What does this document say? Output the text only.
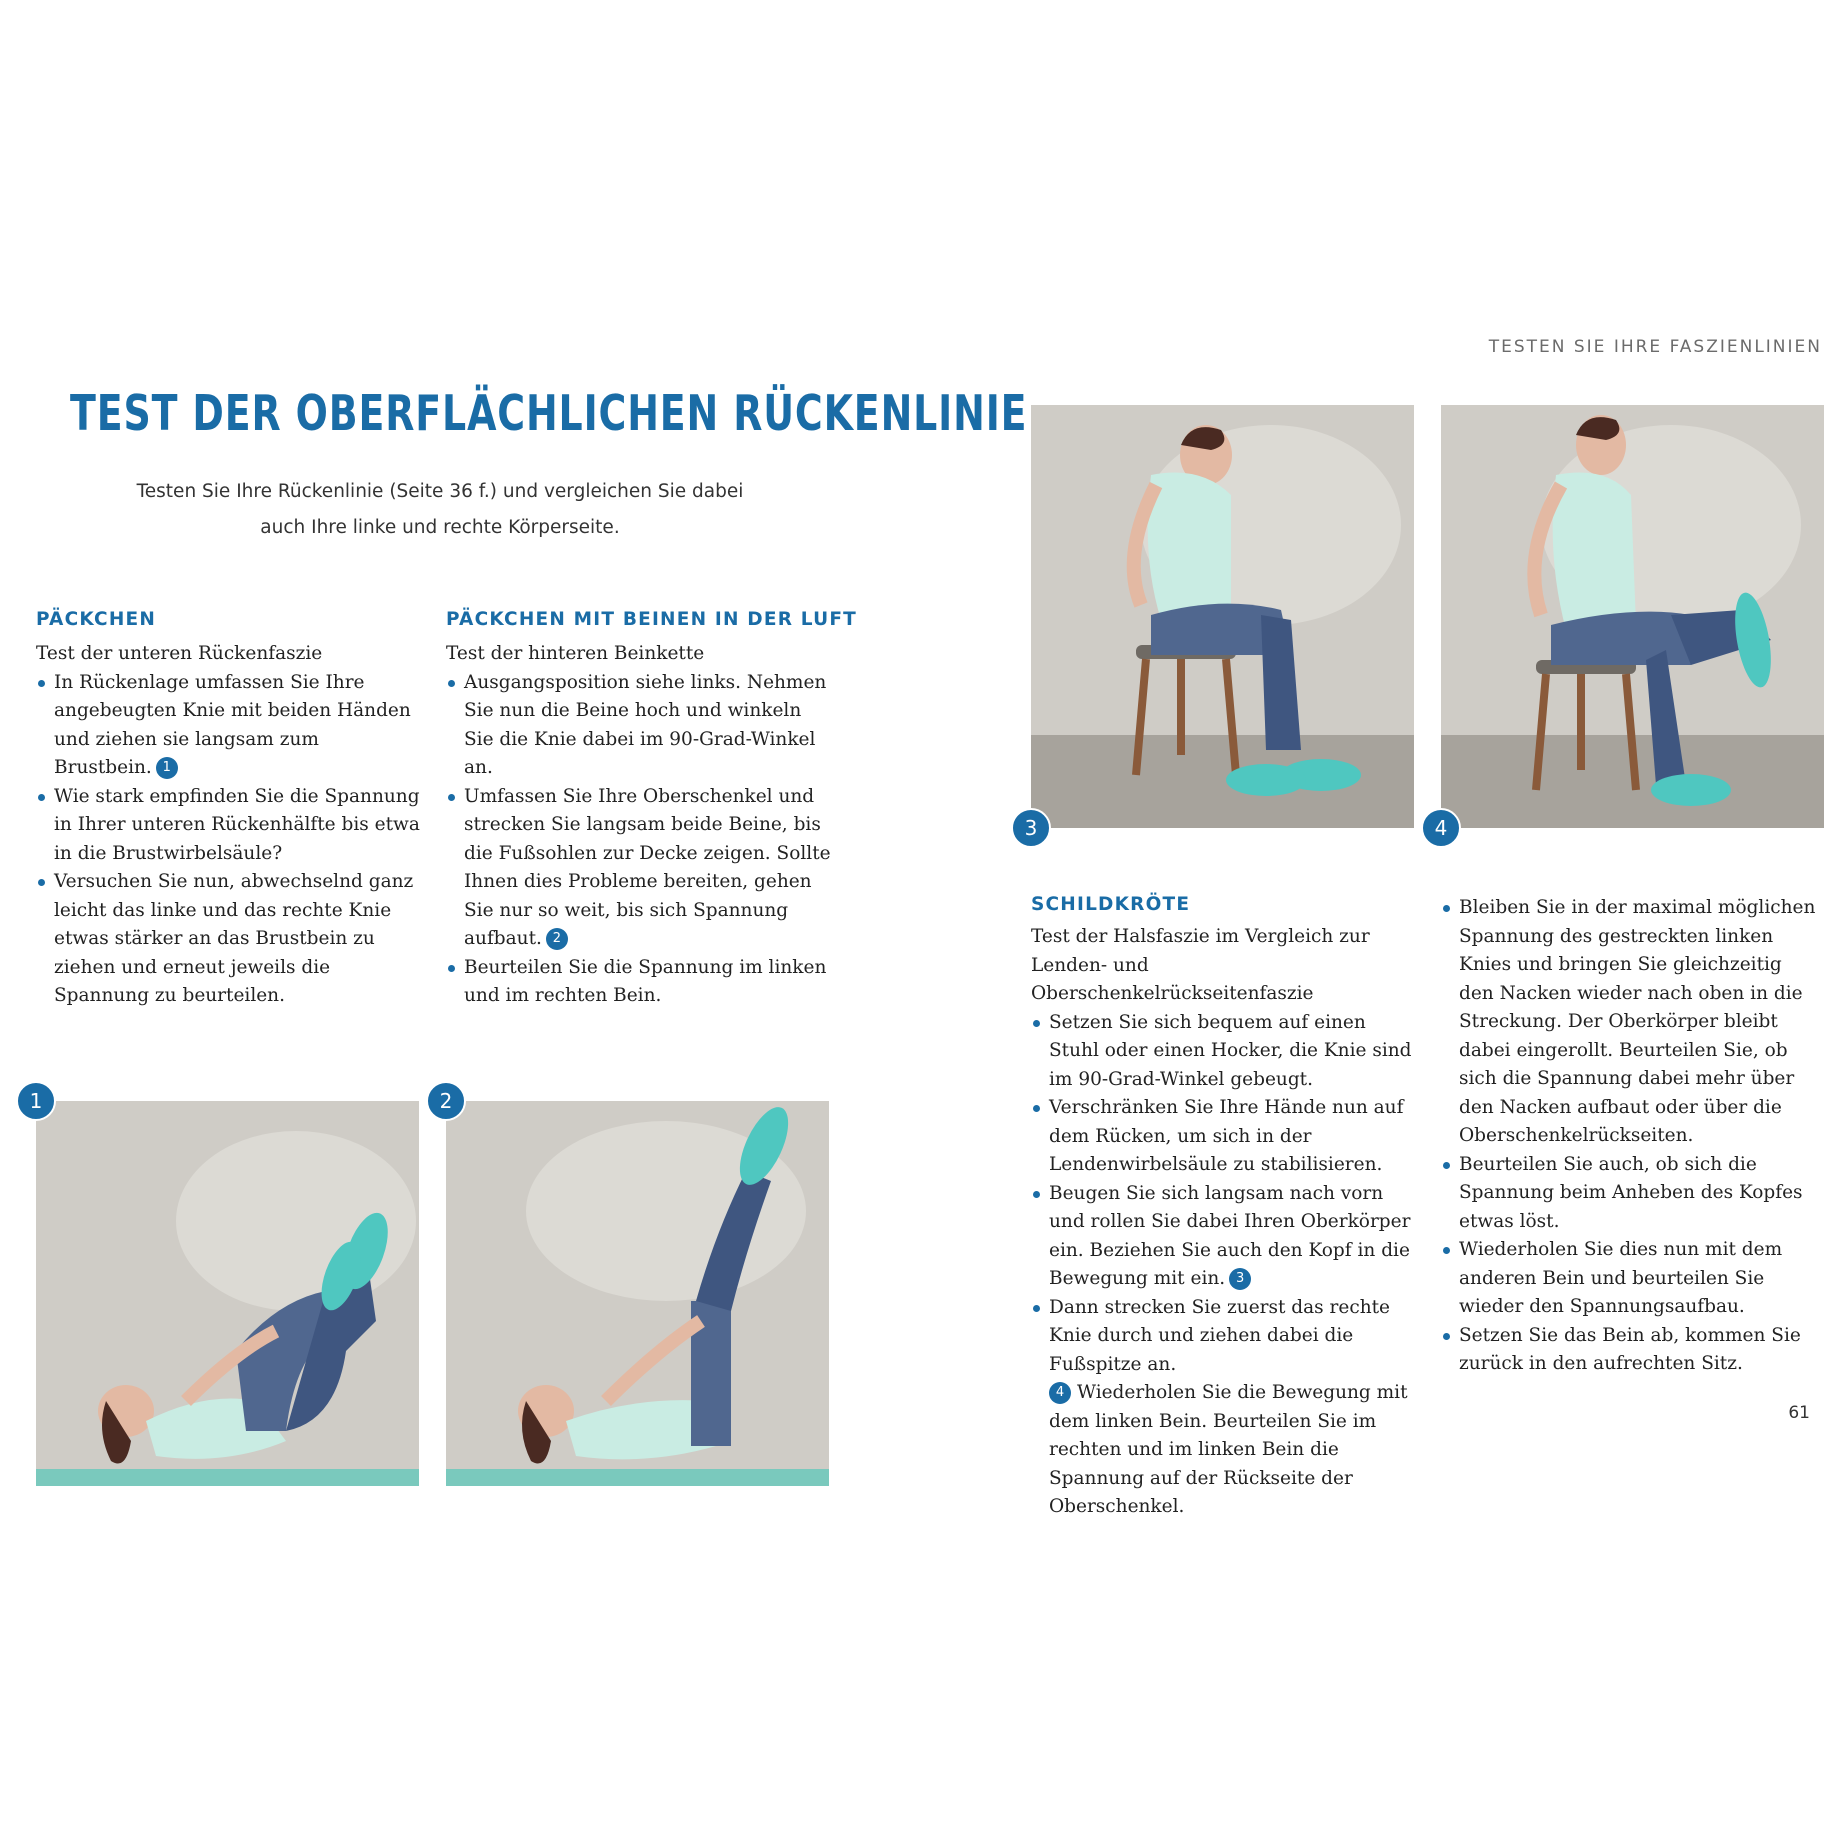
TESTEN SIE IHRE FASZIENLINIEN
TEST DER OBERFLÄCHLICHEN RÜCKENLINIE
Testen Sie Ihre Rückenlinie (Seite 36 f.) und vergleichen Sie dabei
auch Ihre linke und rechte Körperseite.
PÄCKCHEN

Test der unteren Rückenfaszie

In Rückenlage umfassen Sie Ihre angebeugten Knie mit beiden Händen und ziehen sie langsam zum Brustbein. 1
Wie stark empfinden Sie die Spannung in Ihrer unteren Rückenhälfte bis etwa in die Brustwirbelsäule?
Versuchen Sie nun, abwechselnd ganz leicht das linke und das rechte Knie etwas stärker an das Brustbein zu ziehen und erneut jeweils die Spannung zu beurteilen.
PÄCKCHEN MIT BEINEN IN DER LUFT

Test der hinteren Beinkette

Ausgangsposition siehe links. Nehmen Sie nun die Beine hoch und winkeln Sie die Knie dabei im 90-Grad-Winkel an.
Umfassen Sie Ihre Oberschenkel und strecken Sie langsam beide Beine, bis die Fußsohlen zur Decke zeigen. Sollte Ihnen dies Probleme bereiten, gehen Sie nur so weit, bis sich Spannung aufbaut. 2
Beurteilen Sie die Spannung im linken und im rechten Bein.
SCHILDKRÖTE

Test der Halsfaszie im Vergleich zur Lenden- und Oberschenkelrückseitenfaszie

Setzen Sie sich bequem auf einen Stuhl oder einen Hocker, die Knie sind im 90-Grad-Winkel gebeugt.
Verschränken Sie Ihre Hände nun auf dem Rücken, um sich in der Lendenwirbelsäule zu stabilisieren.
Beugen Sie sich langsam nach vorn und rollen Sie dabei Ihren Oberkörper ein. Beziehen Sie auch den Kopf in die Bewegung mit ein. 3
Dann strecken Sie zuerst das rechte Knie durch und ziehen dabei die Fußspitze an.
4 Wiederholen Sie die Bewegung mit dem linken Bein. Beurteilen Sie im rechten und im linken Bein die Spannung auf der Rückseite der Oberschenkel.
Bleiben Sie in der maximal möglichen Spannung des gestreckten linken Knies und bringen Sie gleichzeitig den Nacken wieder nach oben in die Streckung. Der Oberkörper bleibt dabei eingerollt. Beurteilen Sie, ob sich die Spannung dabei mehr über den Nacken aufbaut oder über die Oberschenkelrückseiten.
Beurteilen Sie auch, ob sich die Spannung beim Anheben des Kopfes etwas löst.
Wiederholen Sie dies nun mit dem anderen Bein und beurteilen Sie wieder den Spannungsaufbau.
Setzen Sie das Bein ab, kommen Sie zurück in den aufrechten Sitz.
1	2
3	4
61
